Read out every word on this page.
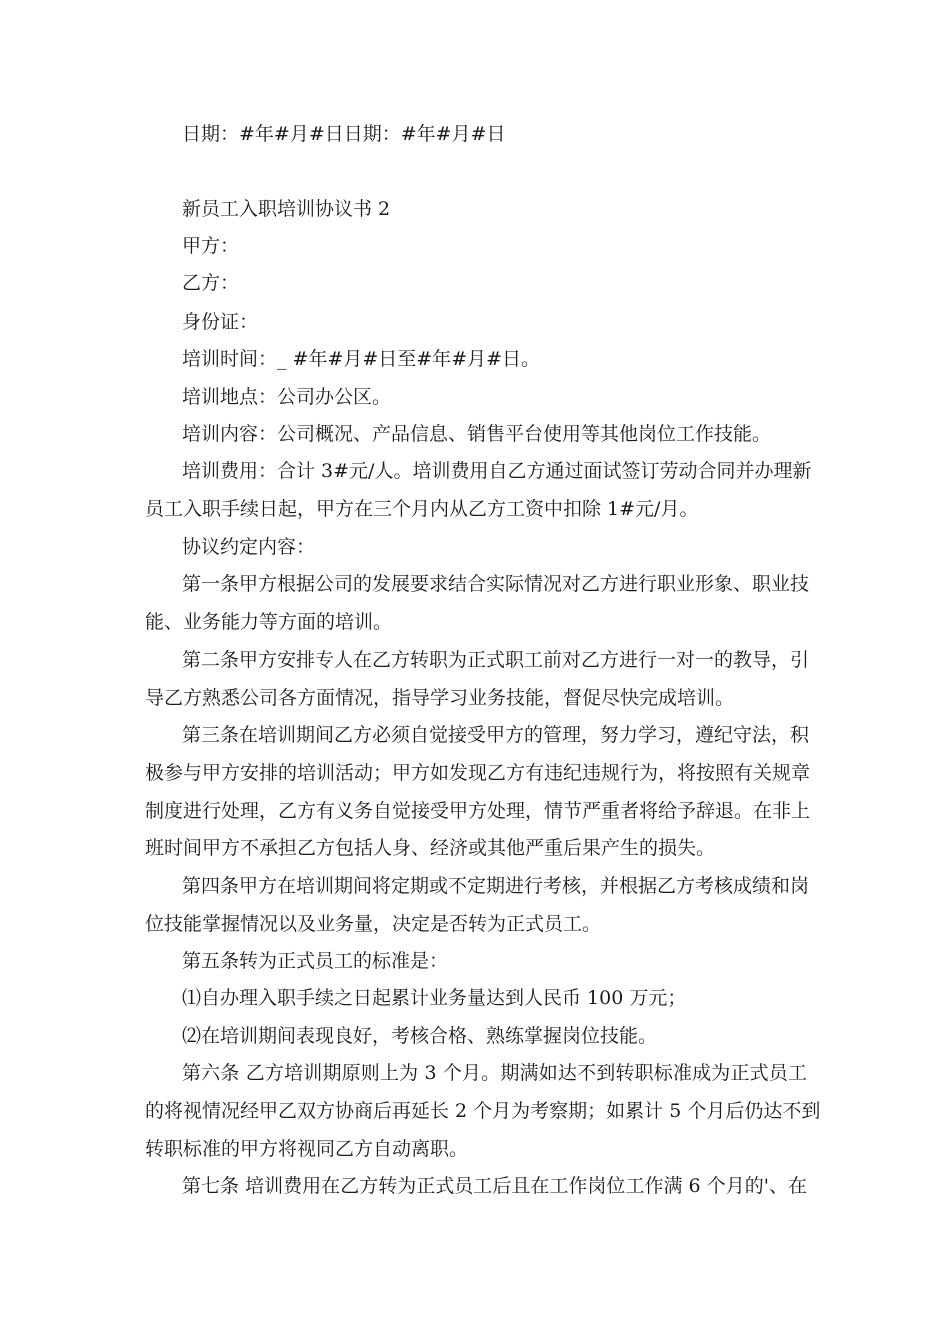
日期：#年#月#日日期：#年#月#日
新员工入职培训协议书 2
甲方：
乙方：
身份证：
培训时间：_ #年#月#日至#年#月#日。
培训地点：公司办公区。
培训内容：公司概况、产品信息、销售平台使用等其他岗位工作技能。
培训费用：合计 3#元/人。培训费用自乙方通过面试签订劳动合同并办理新
员工入职手续日起，甲方在三个月内从乙方工资中扣除 1#元/月。
协议约定内容：
第一条甲方根据公司的发展要求结合实际情况对乙方进行职业形象、职业技
能、业务能力等方面的培训。
第二条甲方安排专人在乙方转职为正式职工前对乙方进行一对一的教导，引
导乙方熟悉公司各方面情况，指导学习业务技能，督促尽快完成培训。
第三条在培训期间乙方必须自觉接受甲方的管理，努力学习，遵纪守法，积
极参与甲方安排的培训活动；甲方如发现乙方有违纪违规行为，将按照有关规章
制度进行处理，乙方有义务自觉接受甲方处理，情节严重者将给予辞退。在非上
班时间甲方不承担乙方包括人身、经济或其他严重后果产生的损失。
第四条甲方在培训期间将定期或不定期进行考核，并根据乙方考核成绩和岗
位技能掌握情况以及业务量，决定是否转为正式员工。
第五条转为正式员工的标准是：
⑴自办理入职手续之日起累计业务量达到人民币 100 万元；
⑵在培训期间表现良好，考核合格、熟练掌握岗位技能。
第六条 乙方培训期原则上为 3 个月。期满如达不到转职标准成为正式员工
的将视情况经甲乙双方协商后再延长 2 个月为考察期；如累计 5 个月后仍达不到
转职标准的甲方将视同乙方自动离职。
第七条 培训费用在乙方转为正式员工后且在工作岗位工作满 6 个月的'、在
